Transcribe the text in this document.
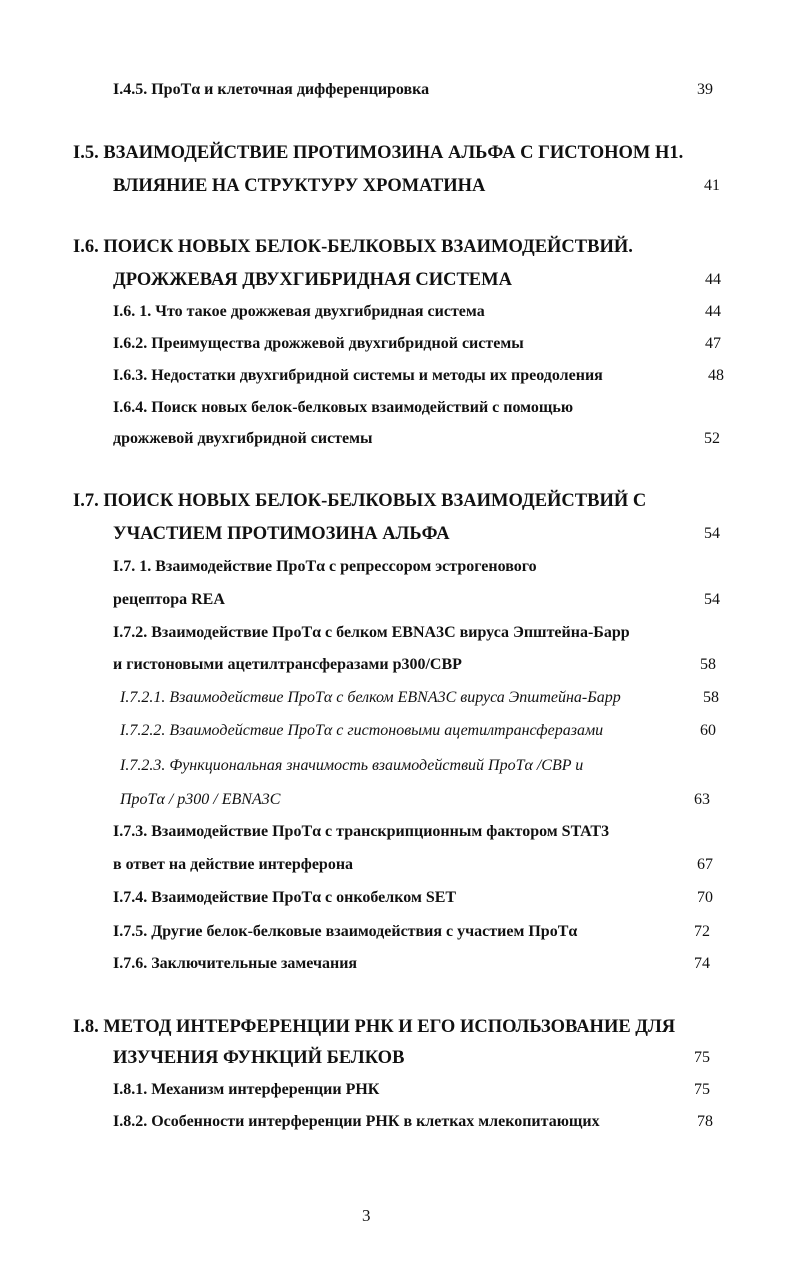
I.4.5. ПроТα и клеточная дифференцировка	39
I.5. ВЗАИМОДЕЙСТВИЕ ПРОТИМОЗИНА АЛЬФА С ГИСТОНОМ Н1.
ВЛИЯНИЕ НА СТРУКТУРУ ХРОМАТИНА	41
I.6. ПОИСК НОВЫХ БЕЛОК-БЕЛКОВЫХ ВЗАИМОДЕЙСТВИЙ.
ДРОЖЖЕВАЯ ДВУХГИБРИДНАЯ СИСТЕМА	44
I.6. 1. Что такое дрожжевая двухгибридная система	44
I.6.2. Преимущества дрожжевой двухгибридной системы	47
I.6.3. Недостатки двухгибридной системы и методы их преодоления	48
I.6.4. Поиск новых белок-белковых взаимодействий с помощью
дрожжевой двухгибридной системы	52
I.7. ПОИСК НОВЫХ БЕЛОК-БЕЛКОВЫХ ВЗАИМОДЕЙСТВИЙ С
УЧАСТИЕМ ПРОТИМОЗИНА АЛЬФА	54
I.7. 1. Взаимодействие ПроТα с репрессором эстрогенового
рецептора REA	54
I.7.2. Взаимодействие ПроТα с белком EBNA3C вируса Эпштейна-Барр
и гистоновыми ацетилтрансферазами р300/CBP	58
I.7.2.1. Взаимодействие ПроТα с белком EBNA3C вируса Эпштейна-Барр	58
I.7.2.2. Взаимодействие ПроТα с гистоновыми ацетилтрансферазами	60
I.7.2.3. Функциональная значимость взаимодействий ПроТα /CBP и
ПроТα / р300 / EBNA3C	63
I.7.3. Взаимодействие ПроТα с транскрипционным фактором STAT3
в ответ на действие интерферона	67
I.7.4. Взаимодействие ПроТα с онкобелком SET	70
I.7.5. Другие белок-белковые взаимодействия с участием ПроТα	72
I.7.6. Заключительные замечания	74
I.8. МЕТОД ИНТЕРФЕРЕНЦИИ РНК И ЕГО ИСПОЛЬЗОВАНИЕ ДЛЯ
ИЗУЧЕНИЯ ФУНКЦИЙ БЕЛКОВ	75
I.8.1. Механизм интерференции РНК	75
I.8.2. Особенности интерференции РНК в клетках млекопитающих	78
3
